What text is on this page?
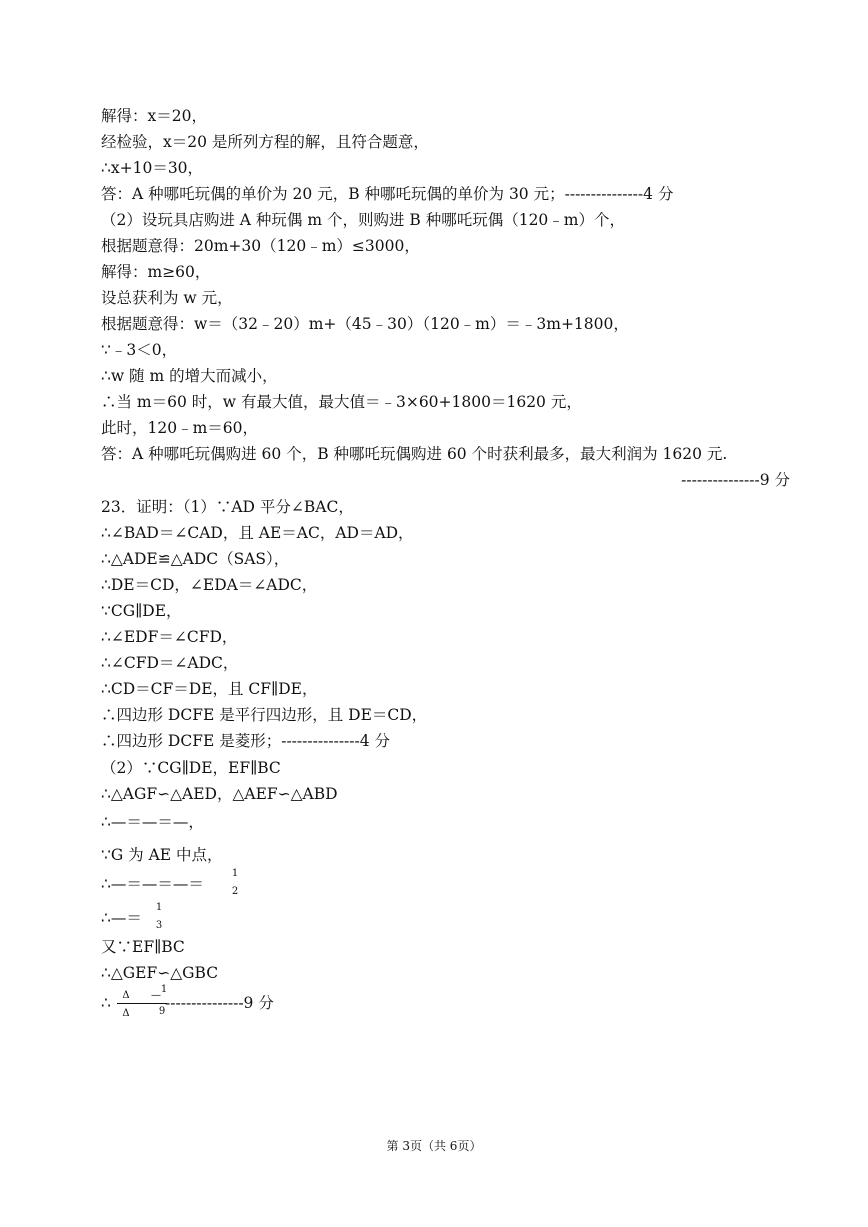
解得：x＝20，
经检验，x＝20 是所列方程的解，且符合题意，
∴x+10＝30，
答：A 种哪吒玩偶的单价为 20 元，B 种哪吒玩偶的单价为 30 元；---------------4 分
（2）设玩具店购进 A 种玩偶 m 个，则购进 B 种哪吒玩偶（120﹣m）个，
根据题意得：20m+30（120﹣m）≤3000，
解得：m≥60，
设总获利为 w 元，
根据题意得：w＝（32﹣20）m+（45﹣30）（120﹣m）＝﹣3m+1800，
∵﹣3＜0，
∴w 随 m 的增大而减小，
∴当 m＝60 时，w 有最大值，最大值＝﹣3×60+1800＝1620 元，
此时，120﹣m＝60，
答：A 种哪吒玩偶购进 60 个，B 种哪吒玩偶购进 60 个时获利最多，最大利润为 1620 元.
---------------9 分
23．证明：（1）∵AD 平分∠BAC，
∴∠BAD＝∠CAD，且 AE＝AC，AD＝AD，
∴△ADE≌△ADC（SAS），
∴DE＝CD，∠EDA＝∠ADC，
∵CG∥DE，
∴∠EDF＝∠CFD，
∴∠CFD＝∠ADC，
∴CD＝CF＝DE，且 CF∥DE，
∴四边形 DCFE 是平行四边形，且 DE＝CD，
∴四边形 DCFE 是菱形；---------------4 分
（2）∵CG∥DE，EF∥BC
∴△AGF∽△AED，△AEF∽△ABD
∴—＝—＝—，
∵G 为 AE 中点，
∴—＝—＝—＝
1
2
∴—＝
1
3
又∵EF∥BC
∴△GEF∽△GBC
∴	Δ
Δ
—
1
9 ---------------9 分
第 3页（共 6页）
